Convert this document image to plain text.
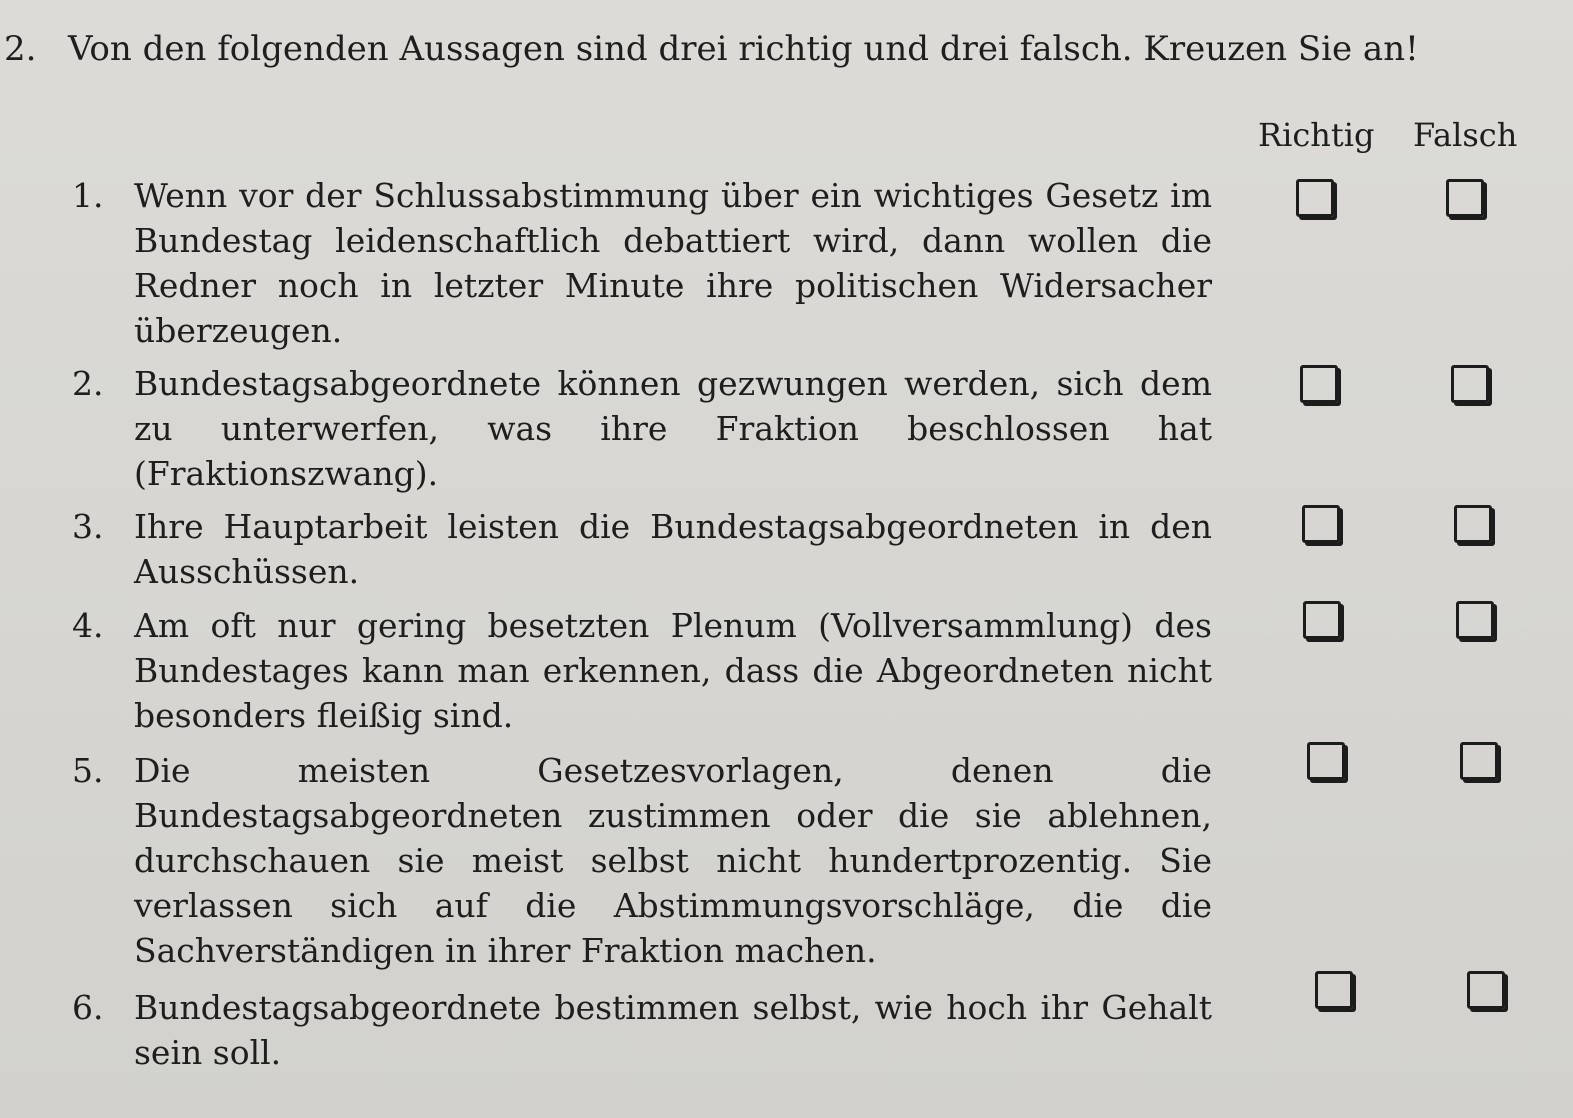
2. Von den folgenden Aussagen sind drei richtig und drei falsch. Kreuzen Sie an!
Richtig Falsch
1. Wenn vor der Schlussabstimmung über ein wichtiges Gesetz im Bundestag leidenschaftlich debattiert wird, dann wollen die Redner noch in letzter Minute ihre politischen Widersacher überzeugen.
2. Bundestagsabgeordnete können gezwungen werden, sich dem zu unterwerfen, was ihre Fraktion beschlossen hat (Fraktionszwang).
3. Ihre Hauptarbeit leisten die Bundestagsabgeordneten in den Ausschüssen.
4. Am oft nur gering besetzten Plenum (Vollversammlung) des Bundestages kann man erkennen, dass die Abgeordneten nicht besonders fleißig sind.
5. Die meisten Gesetzesvorlagen, denen die Bundestagsabgeordneten zustimmen oder die sie ablehnen, durchschauen sie meist selbst nicht hundertprozentig. Sie verlassen sich auf die Abstimmungsvorschläge, die die Sachverständigen in ihrer Fraktion machen.
6. Bundestagsabgeordnete bestimmen selbst, wie hoch ihr Gehalt sein soll.
